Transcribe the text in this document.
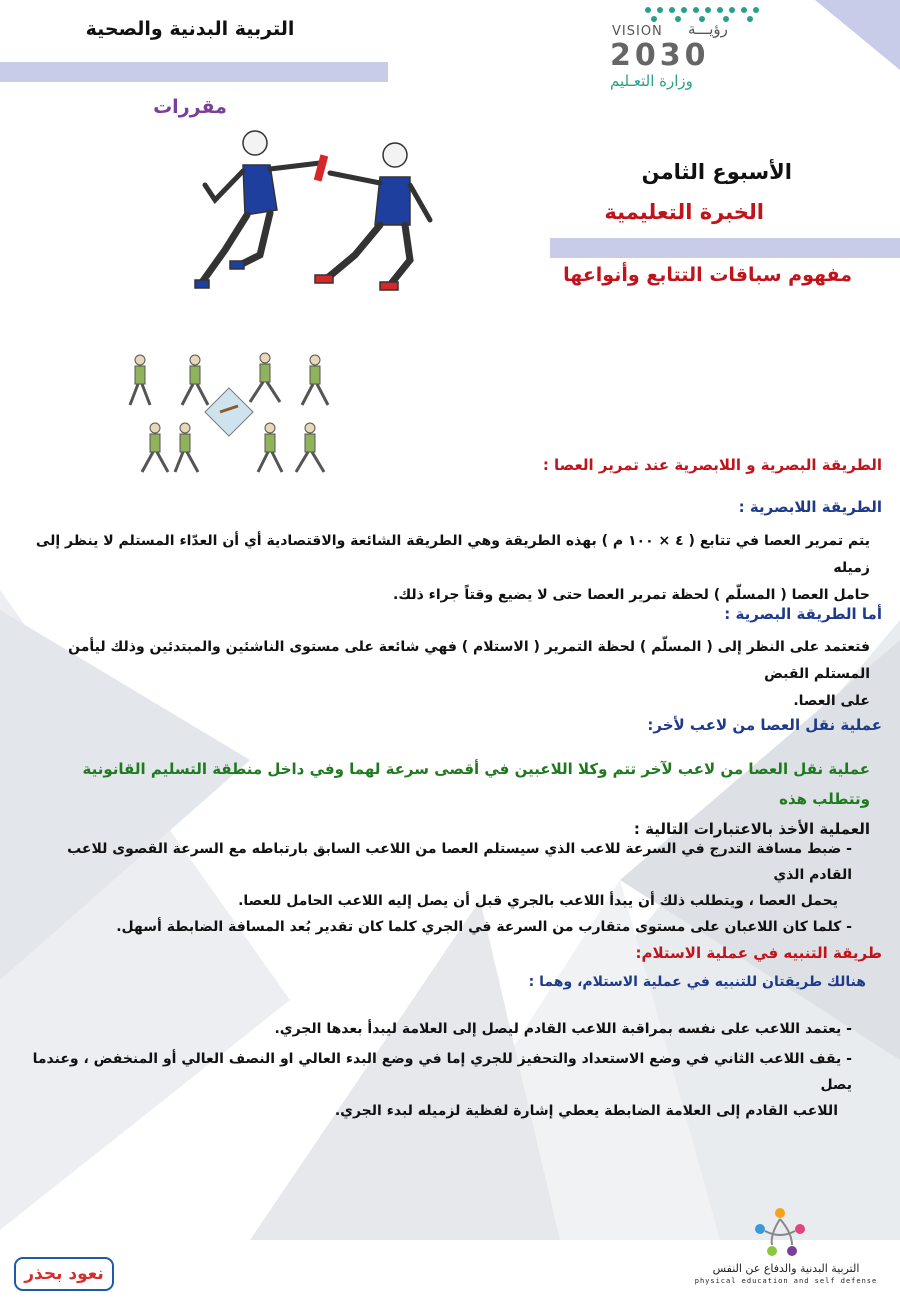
التربية البدنية والصحية
مقررات
VISION رؤيـــة
2030
وزارة التعـليم
الأسبوع الثامن
الخبرة التعليمية
مفهوم سباقات التتابع وأنواعها
الطريقة البصرية و اللابصرية عند تمرير العصا :
الطريقة اللابصرية :
يتم تمرير العصا في تتابع ( ٤ × ١٠٠ م ) بهذه الطريقة وهي الطريقة الشائعة والاقتصادية أي أن العدّاء المستلم لا ينظر إلى زميله
حامل العصا ( المسلّم ) لحظة تمرير العصا حتى لا يضيع وقتاً جراء ذلك.
أما الطريقة البصرية :
فتعتمد على النظر إلى ( المسلّم ) لحظة التمرير ( الاستلام ) فهي شائعة على مستوى الناشئين والمبتدئين وذلك ليأمن المستلم القبض
على العصا.
عملية نقل العصا من لاعب لأخر:
عملية نقل العصا من لاعب لآخر تتم وكلا اللاعبين في أقصى سرعة لهما وفي داخل منطقة التسليم القانونية وتتطلب هذه
العملية الأخذ بالاعتبارات التالية :
- ضبط مسافة التدرج في السرعة للاعب الذي سيستلم العصا من اللاعب السابق بارتباطه مع السرعة القصوى للاعب القادم الذي
يحمل العصا ، ويتطلب ذلك أن يبدأ اللاعب بالجري قبل أن يصل إليه اللاعب الحامل للعصا.
- كلما كان اللاعبان على مستوى متقارب من السرعة في الجري كلما كان تقدير بُعد المسافة الضابطة أسهل.
طريقة التنبيه في عملية الاستلام:
هنالك طريقتان للتنبيه في عملية الاستلام، وهما :
- يعتمد اللاعب على نفسه بمراقبة اللاعب القادم ليصل إلى العلامة ليبدأ بعدها الجري.
- يقف اللاعب الثاني في وضع الاستعداد والتحفيز للجري إما في وضع البدء العالي او النصف العالي أو المنخفض ، وعندما يصل
اللاعب القادم إلى العلامة الضابطة يعطي إشارة لفظية لزميله لبدء الجري.
نعود بحذر	التربية البدنية والدفاع عن النفس
physical education and self defense
